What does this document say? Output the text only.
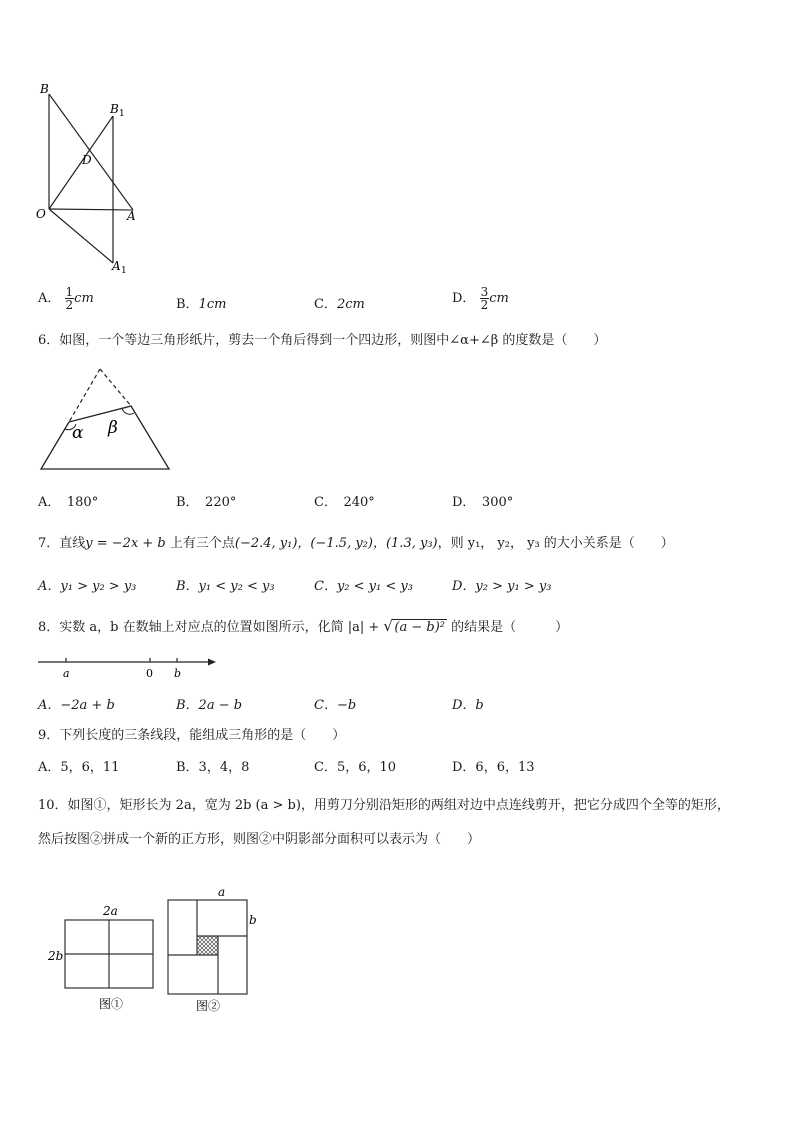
B
B 1
D
O	A
A 1
A． $\frac{1}{2}$ cm	B．1cm	C．2cm	D． $\frac{3}{2}$ cm
6．如图，一个等边三角形纸片，剪去一个角后得到一个四边形，则图中∠α+∠β 的度数是（　　）
α β
A．　180°	B．　220°	C．　240°	D．　300°
7．直线y = −2x + b 上有三个点(−2.4, y₁)，(−1.5, y₂)，(1.3, y₃)，则 y₁， y₂， y₃ 的大小关系是（　　）
A．y₁ > y₂ > y₃	B．y₁ < y₂ < y₃	C．y₂ < y₁ < y₃	D．y₂ > y₁ > y₃
8．实数 a，b 在数轴上对应点的位置如图所示，化简 |a| + √ (a − b)² 的结果是（　　　）
a	0 b
A．−2a + b	B．2a − b	C．−b	D．b
9．下列长度的三条线段，能组成三角形的是（　　）
A．5，6，11	B．3，4，8	C．5，6，10	D．6，6，13
10．如图①，矩形长为 2a，宽为 2b (a > b)，用剪刀分别沿矩形的两组对边中点连线剪开，把它分成四个全等的矩形，
然后按图②拼成一个新的正方形，则图②中阴影部分面积可以表示为（　　）
2a
2b
图①
a
b
图②
